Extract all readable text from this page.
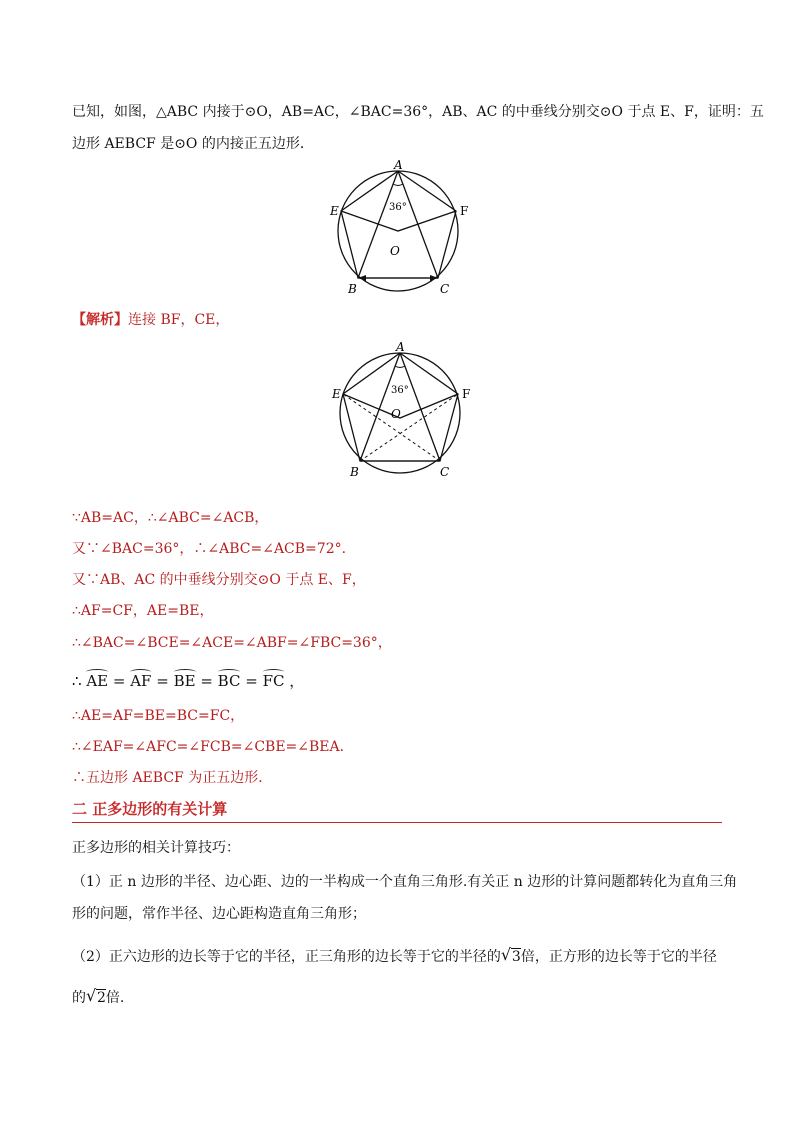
已知，如图，△ABC 内接于⊙O，AB=AC，∠BAC=36°，AB、AC 的中垂线分别交⊙O 于点 E、F，证明：五
边形 AEBCF 是⊙O 的内接正五边形．
A
E	F
O
B	C
36°
【解析】连接 BF，CE，
A
E	F
O
B	C
36°
∵AB=AC，∴∠ABC=∠ACB，
又∵∠BAC=36°，∴∠ABC=∠ACB=72°．
又∵AB、AC 的中垂线分别交⊙O 于点 E、F，
∴AF=CF，AE=BE，
∴∠BAC=∠BCE=∠ACE=∠ABF=∠FBC=36°，
∴ AE = AF = BE = BC = FC ，
∴AE=AF=BE=BC=FC，
∴∠EAF=∠AFC=∠FCB=∠CBE=∠BEA．
∴五边形 AEBCF 为正五边形．
二 正多边形的有关计算
正多边形的相关计算技巧：
（1）正 n 边形的半径、边心距、边的一半构成一个直角三角形.有关正 n 边形的计算问题都转化为直角三角
形的问题，常作半径、边心距构造直角三角形；
（2）正六边形的边长等于它的半径，正三角形的边长等于它的半径的 √ 3倍，正方形的边长等于它的半径
的 √ 2倍.
